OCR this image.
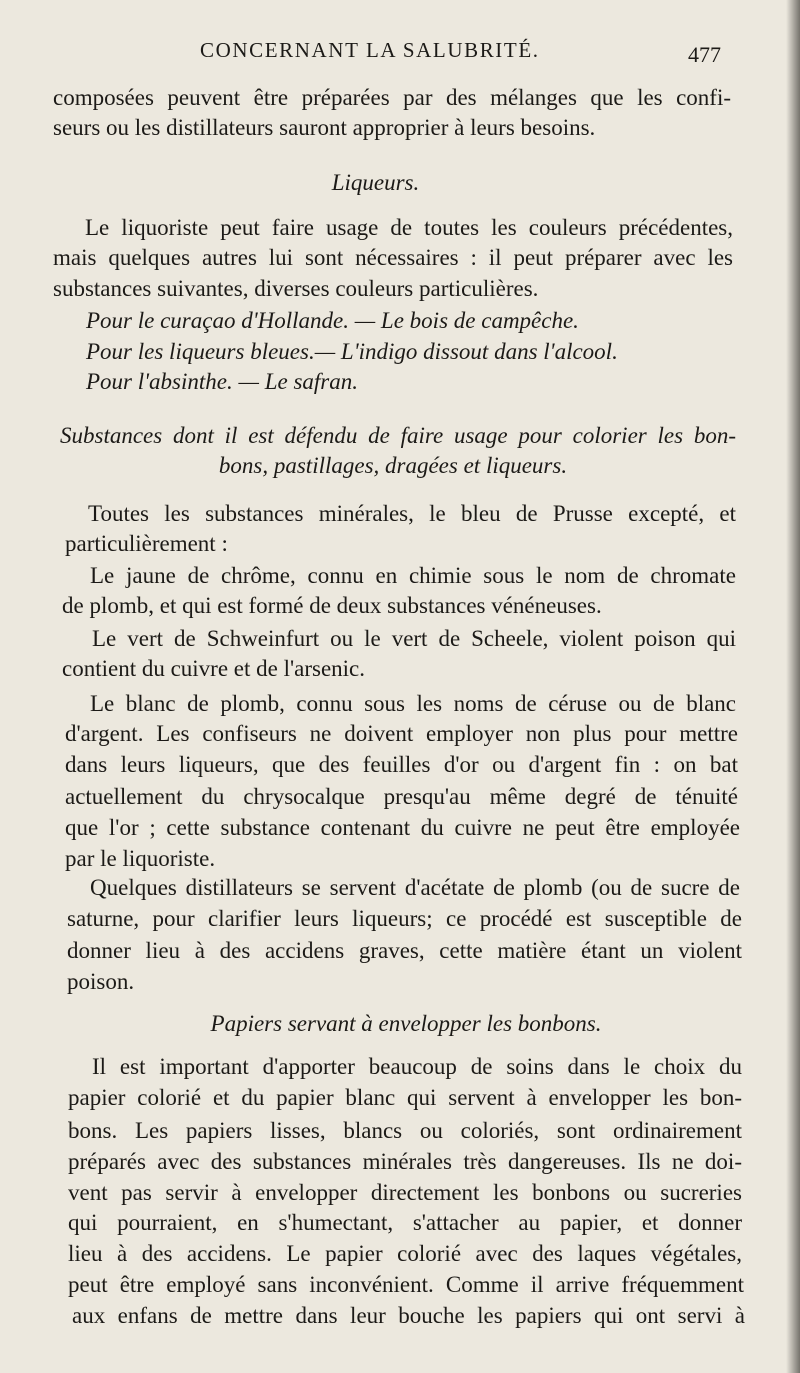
CONCERNANT LA SALUBRITÉ.	477
composées peuvent être préparées par des mélanges que les confi-
seurs ou les distillateurs sauront approprier à leurs besoins.
Liqueurs.
Le liquoriste peut faire usage de toutes les couleurs précédentes,
mais quelques autres lui sont nécessaires : il peut préparer avec les
substances suivantes, diverses couleurs particulières.
Pour le curaçao d'Hollande. — Le bois de campêche.
Pour les liqueurs bleues.— L'indigo dissout dans l'alcool.
Pour l'absinthe. — Le safran.
Substances dont il est défendu de faire usage pour colorier les bon-
bons, pastillages, dragées et liqueurs.
Toutes les substances minérales, le bleu de Prusse excepté, et
particulièrement :
Le jaune de chrôme, connu en chimie sous le nom de chromate
de plomb, et qui est formé de deux substances vénéneuses.
Le vert de Schweinfurt ou le vert de Scheele, violent poison qui
contient du cuivre et de l'arsenic.
Le blanc de plomb, connu sous les noms de céruse ou de blanc
d'argent. Les confiseurs ne doivent employer non plus pour mettre
dans leurs liqueurs, que des feuilles d'or ou d'argent fin : on bat
actuellement du chrysocalque presqu'au même degré de ténuité
que l'or ; cette substance contenant du cuivre ne peut être employée
par le liquoriste.
Quelques distillateurs se servent d'acétate de plomb (ou de sucre de
saturne, pour clarifier leurs liqueurs; ce procédé est susceptible de
donner lieu à des accidens graves, cette matière étant un violent
poison.
Papiers servant à envelopper les bonbons.
Il est important d'apporter beaucoup de soins dans le choix du
papier colorié et du papier blanc qui servent à envelopper les bon-
bons. Les papiers lisses, blancs ou coloriés, sont ordinairement
préparés avec des substances minérales très dangereuses. Ils ne doi-
vent pas servir à envelopper directement les bonbons ou sucreries
qui pourraient, en s'humectant, s'attacher au papier, et donner
lieu à des accidens. Le papier colorié avec des laques végétales,
peut être employé sans inconvénient. Comme il arrive fréquemment
aux enfans de mettre dans leur bouche les papiers qui ont servi à
